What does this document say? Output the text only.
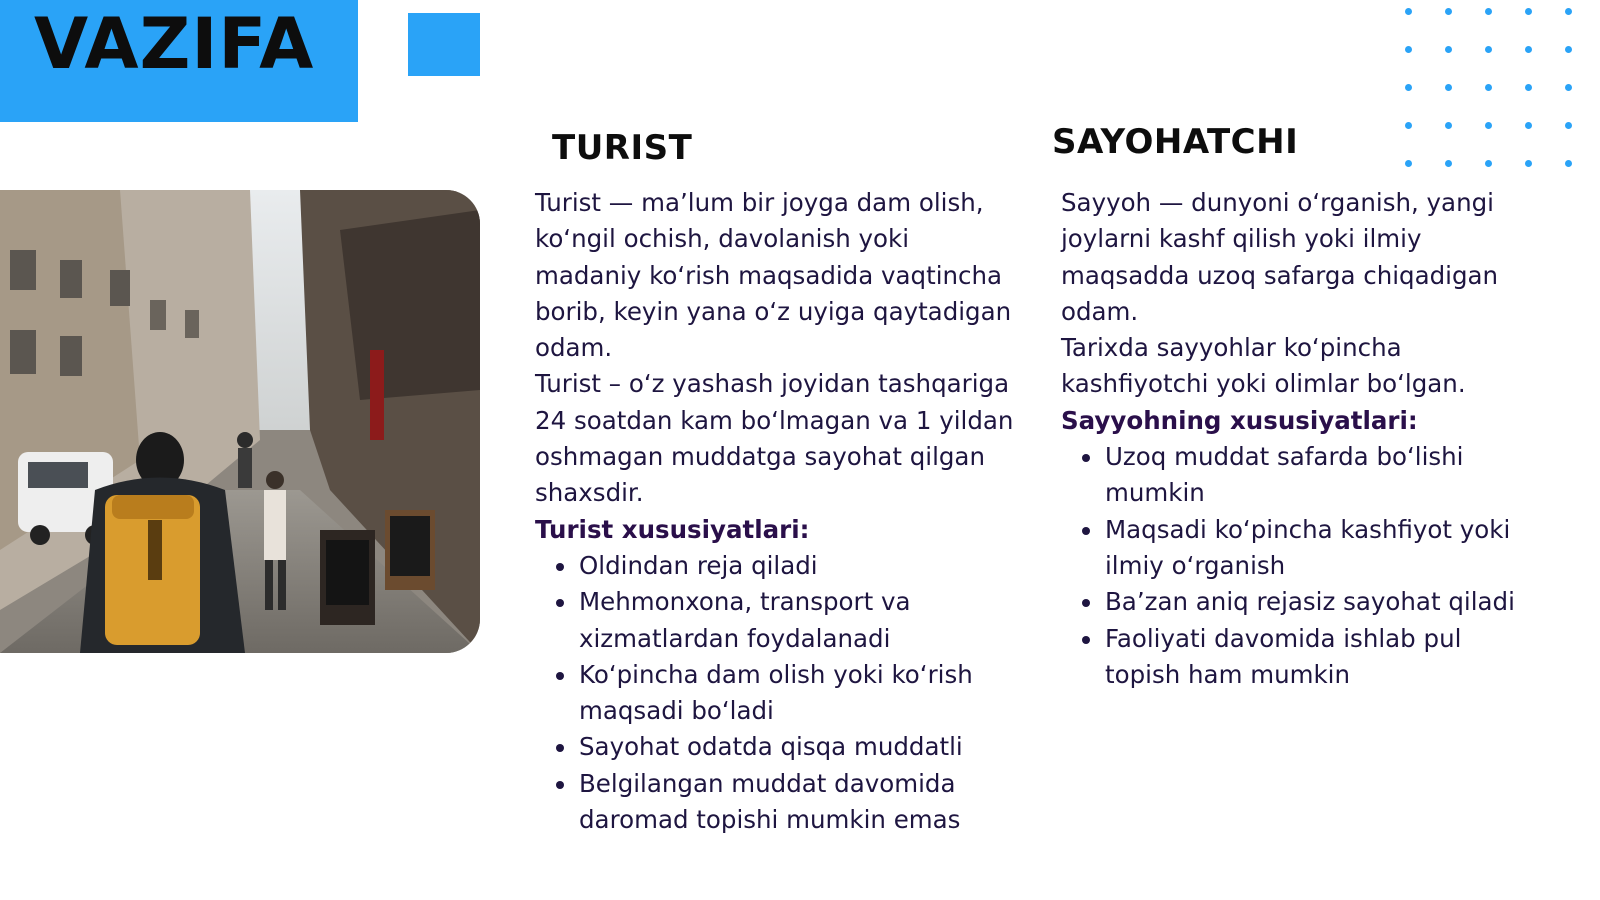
VAZIFA
TURIST	SAYOHATCHI

Turist — ma’lum bir joyga dam olish, ko‘ngil ochish, davolanish yoki madaniy ko‘rish maqsadida vaqtincha borib, keyin yana o‘z uyiga qaytadigan odam.

Turist – o‘z yashash joyidan tashqariga 24 soatdan kam bo‘lmagan va 1 yildan oshmagan muddatga sayohat qilgan shaxsdir.

Turist xususiyatlari:

Oldindan reja qiladi
Mehmonxona, transport va xizmatlardan foydalanadi
Ko‘pincha dam olish yoki ko‘rish maqsadi bo‘ladi
Sayohat odatda qisqa muddatli
Belgilangan muddat davomida daromad topishi mumkin emas

Sayyoh — dunyoni o‘rganish, yangi joylarni kashf qilish yoki ilmiy maqsadda uzoq safarga chiqadigan odam.

Tarixda sayyohlar ko‘pincha kashfiyotchi yoki olimlar bo‘lgan.

Sayyohning xususiyatlari:

Uzoq muddat safarda bo‘lishi mumkin
Maqsadi ko‘pincha kashfiyot yoki ilmiy o‘rganish
Ba’zan aniq rejasiz sayohat qiladi
Faoliyati davomida ishlab pul topish ham mumkin
